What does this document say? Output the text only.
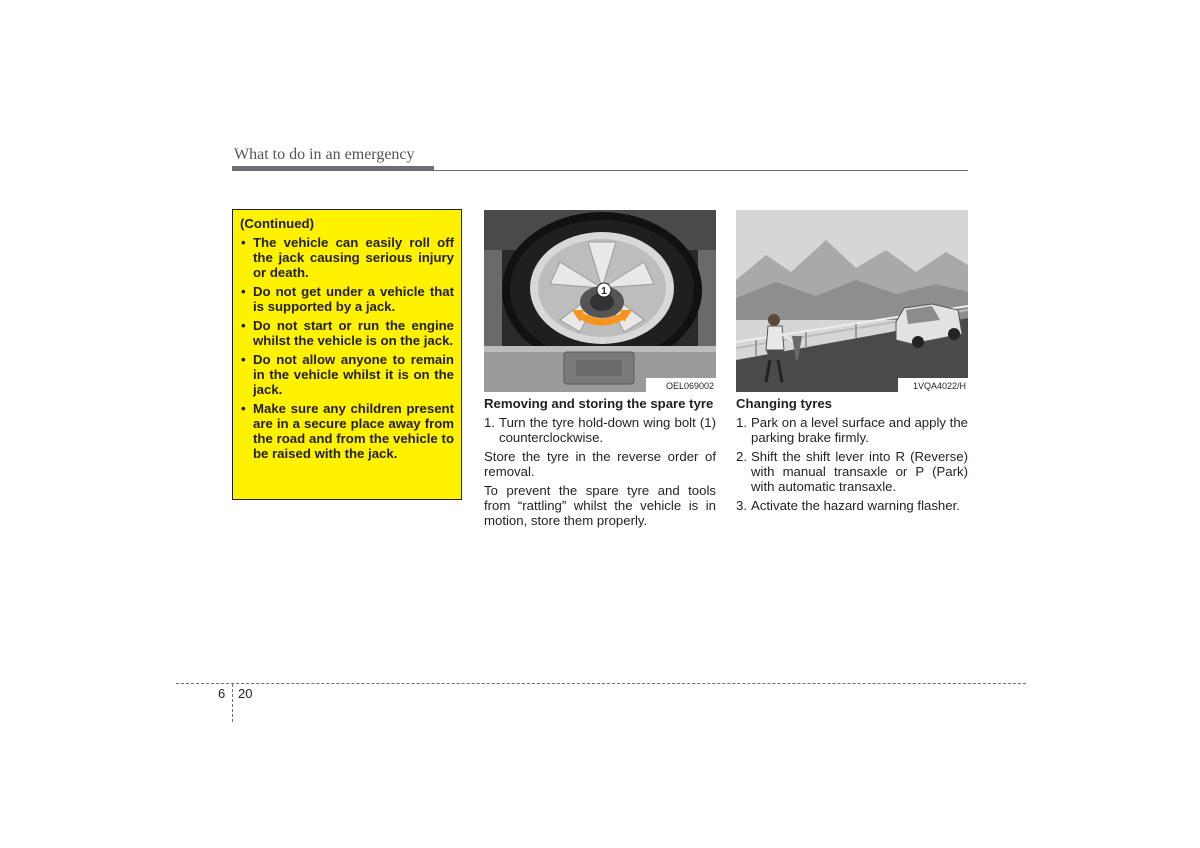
What to do in an emergency
(Continued)
• The vehicle can easily roll off the jack causing serious injury or death.
• Do not get under a vehicle that is supported by a jack.
• Do not start or run the engine whilst the vehicle is on the jack.
• Do not allow anyone to remain in the vehicle whilst it is on the jack.
• Make sure any children present are in a secure place away from the road and from the vehicle to be raised with the jack.
1
OEL069002	1VQA4022/H
Removing and storing the spare tyre
1. Turn the tyre hold-down wing bolt (1) counterclockwise.

Store the tyre in the reverse order of removal.

To prevent the spare tyre and tools from “rattling” whilst the vehicle is in motion, store them properly.

Changing tyres
1. Park on a level surface and apply the parking brake firmly.
2. Shift the shift lever into R (Reverse) with manual transaxle or P (Park) with automatic transaxle.
3. Activate the hazard warning flasher.
6 20
